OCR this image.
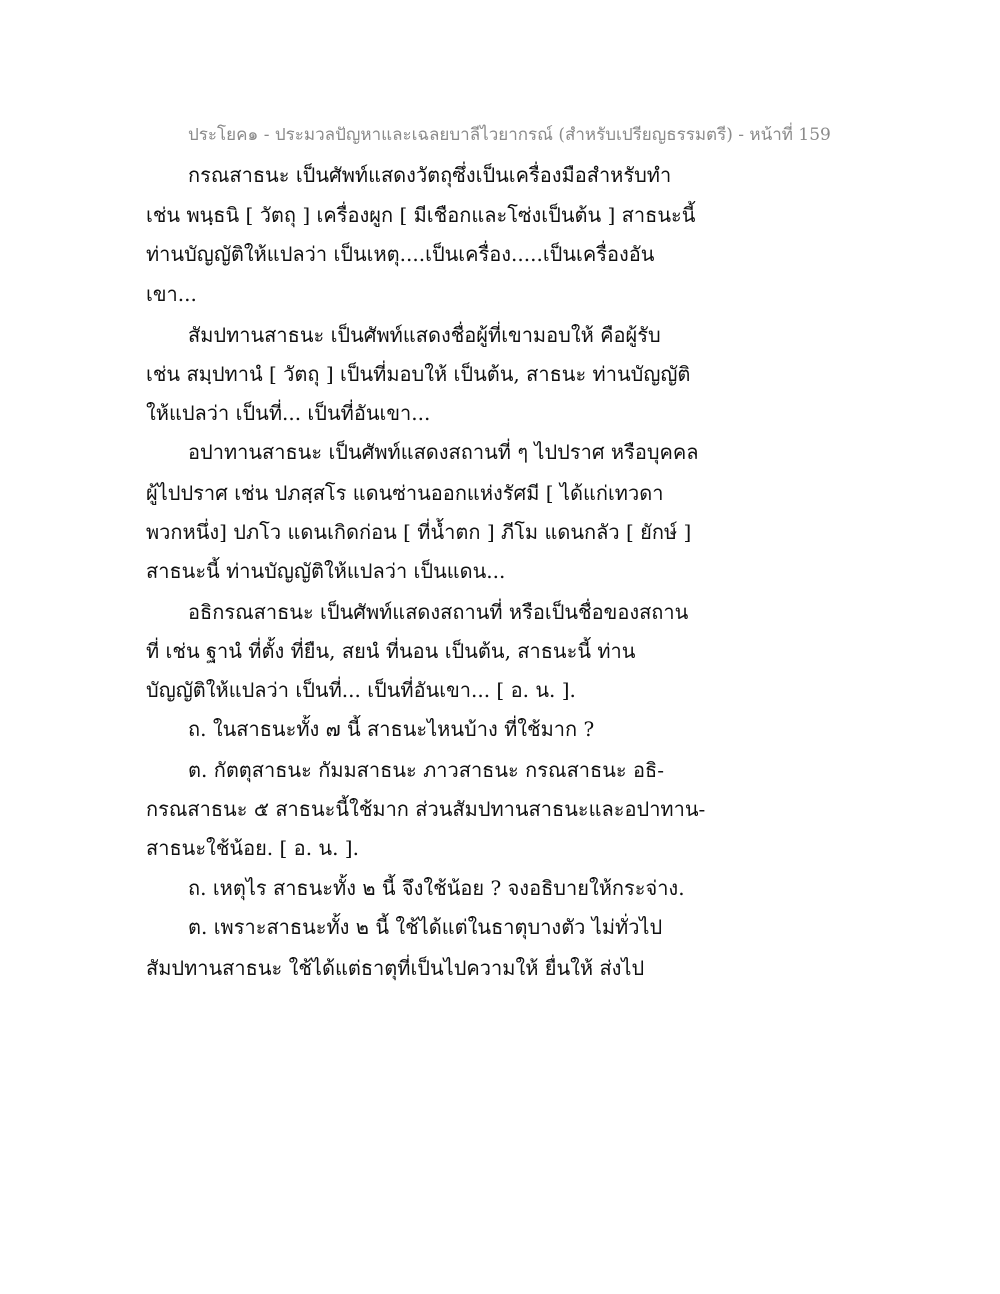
ประโยค๑ - ประมวลปัญหาและเฉลยบาลีไวยากรณ์ (สำหรับเปรียญธรรมตรี) - หน้าที่ 159
กรณสาธนะ เป็นศัพท์แสดงวัตถุซึ่งเป็นเครื่องมือสำหรับทำ
เช่น พนฺธนิ [ วัตถุ ] เครื่องผูก [ มีเชือกและโซ่งเป็นต้น ] สาธนะนี้
ท่านบัญญัติให้แปลว่า เป็นเหตุ....เป็นเครื่อง.....เป็นเครื่องอัน
เขา...
สัมปทานสาธนะ เป็นศัพท์แสดงชื่อผู้ที่เขามอบให้ คือผู้รับ
เช่น สมฺปทานํ [ วัตถุ ] เป็นที่มอบให้ เป็นต้น, สาธนะ ท่านบัญญัติ
ให้แปลว่า เป็นที่... เป็นที่อันเขา...
อปาทานสาธนะ เป็นศัพท์แสดงสถานที่ ๆ ไปปราศ หรือบุคคล
ผู้ไปปราศ เช่น ปภสฺสโร แดนซ่านออกแห่งรัศมี [ ได้แก่เทวดา
พวกหนึ่ง] ปภโว แดนเกิดก่อน [ ที่น้ำตก ] ภีโม แดนกลัว [ ยักษ์ ]
สาธนะนี้ ท่านบัญญัติให้แปลว่า เป็นแดน...
อธิกรณสาธนะ เป็นศัพท์แสดงสถานที่ หรือเป็นชื่อของสถาน
ที่ เช่น ฐานํ ที่ตั้ง ที่ยืน, สยนํ ที่นอน เป็นต้น, สาธนะนี้ ท่าน
บัญญัติให้แปลว่า เป็นที่... เป็นที่อันเขา... [ อ. น. ].
ถ. ในสาธนะทั้ง ๗ นี้ สาธนะไหนบ้าง ที่ใช้มาก ?
ต. กัตตุสาธนะ กัมมสาธนะ ภาวสาธนะ กรณสาธนะ อธิ-
กรณสาธนะ ๕ สาธนะนี้ใช้มาก ส่วนสัมปทานสาธนะและอปาทาน-
สาธนะใช้น้อย. [ อ. น. ].
ถ. เหตุไร สาธนะทั้ง ๒ นี้ จึงใช้น้อย ? จงอธิบายให้กระจ่าง.
ต. เพราะสาธนะทั้ง ๒ นี้ ใช้ได้แต่ในธาตุบางตัว ไม่ทั่วไป
สัมปทานสาธนะ ใช้ได้แต่ธาตุที่เป็นไปความให้ ยื่นให้ ส่งไป
